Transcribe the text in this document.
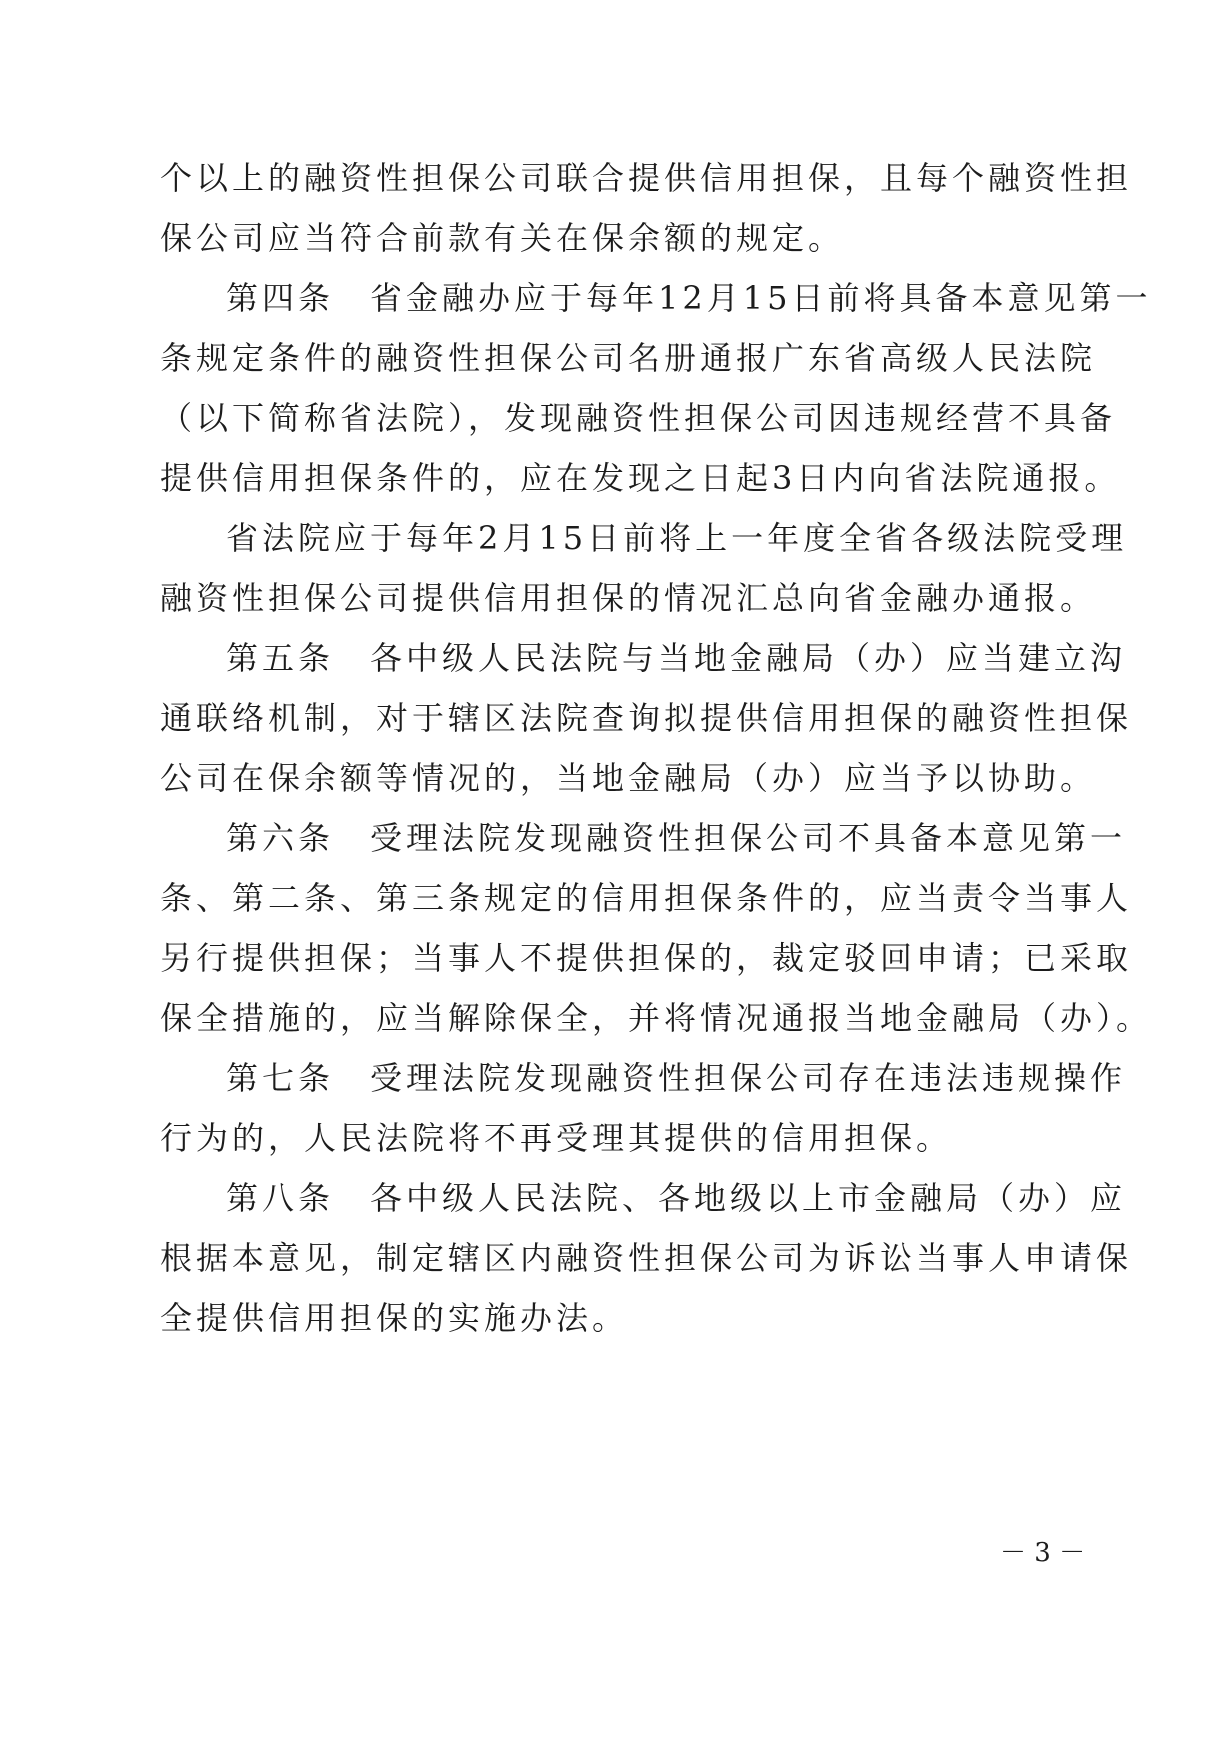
个以上的融资性担保公司联合提供信用担保，且每个融资性担
保公司应当符合前款有关在保余额的规定。
第四条　省金融办应于每年12月15日前将具备本意见第一
条规定条件的融资性担保公司名册通报广东省高级人民法院
（以下简称省法院），发现融资性担保公司因违规经营不具备
提供信用担保条件的，应在发现之日起3日内向省法院通报。
省法院应于每年2月15日前将上一年度全省各级法院受理
融资性担保公司提供信用担保的情况汇总向省金融办通报。
第五条　各中级人民法院与当地金融局（办）应当建立沟
通联络机制，对于辖区法院查询拟提供信用担保的融资性担保
公司在保余额等情况的，当地金融局（办）应当予以协助。
第六条　受理法院发现融资性担保公司不具备本意见第一
条、第二条、第三条规定的信用担保条件的，应当责令当事人
另行提供担保；当事人不提供担保的，裁定驳回申请；已采取
保全措施的，应当解除保全，并将情况通报当地金融局（办）。
第七条　受理法院发现融资性担保公司存在违法违规操作
行为的，人民法院将不再受理其提供的信用担保。
第八条　各中级人民法院、各地级以上市金融局（办）应
根据本意见，制定辖区内融资性担保公司为诉讼当事人申请保
全提供信用担保的实施办法。
－ 3 －
